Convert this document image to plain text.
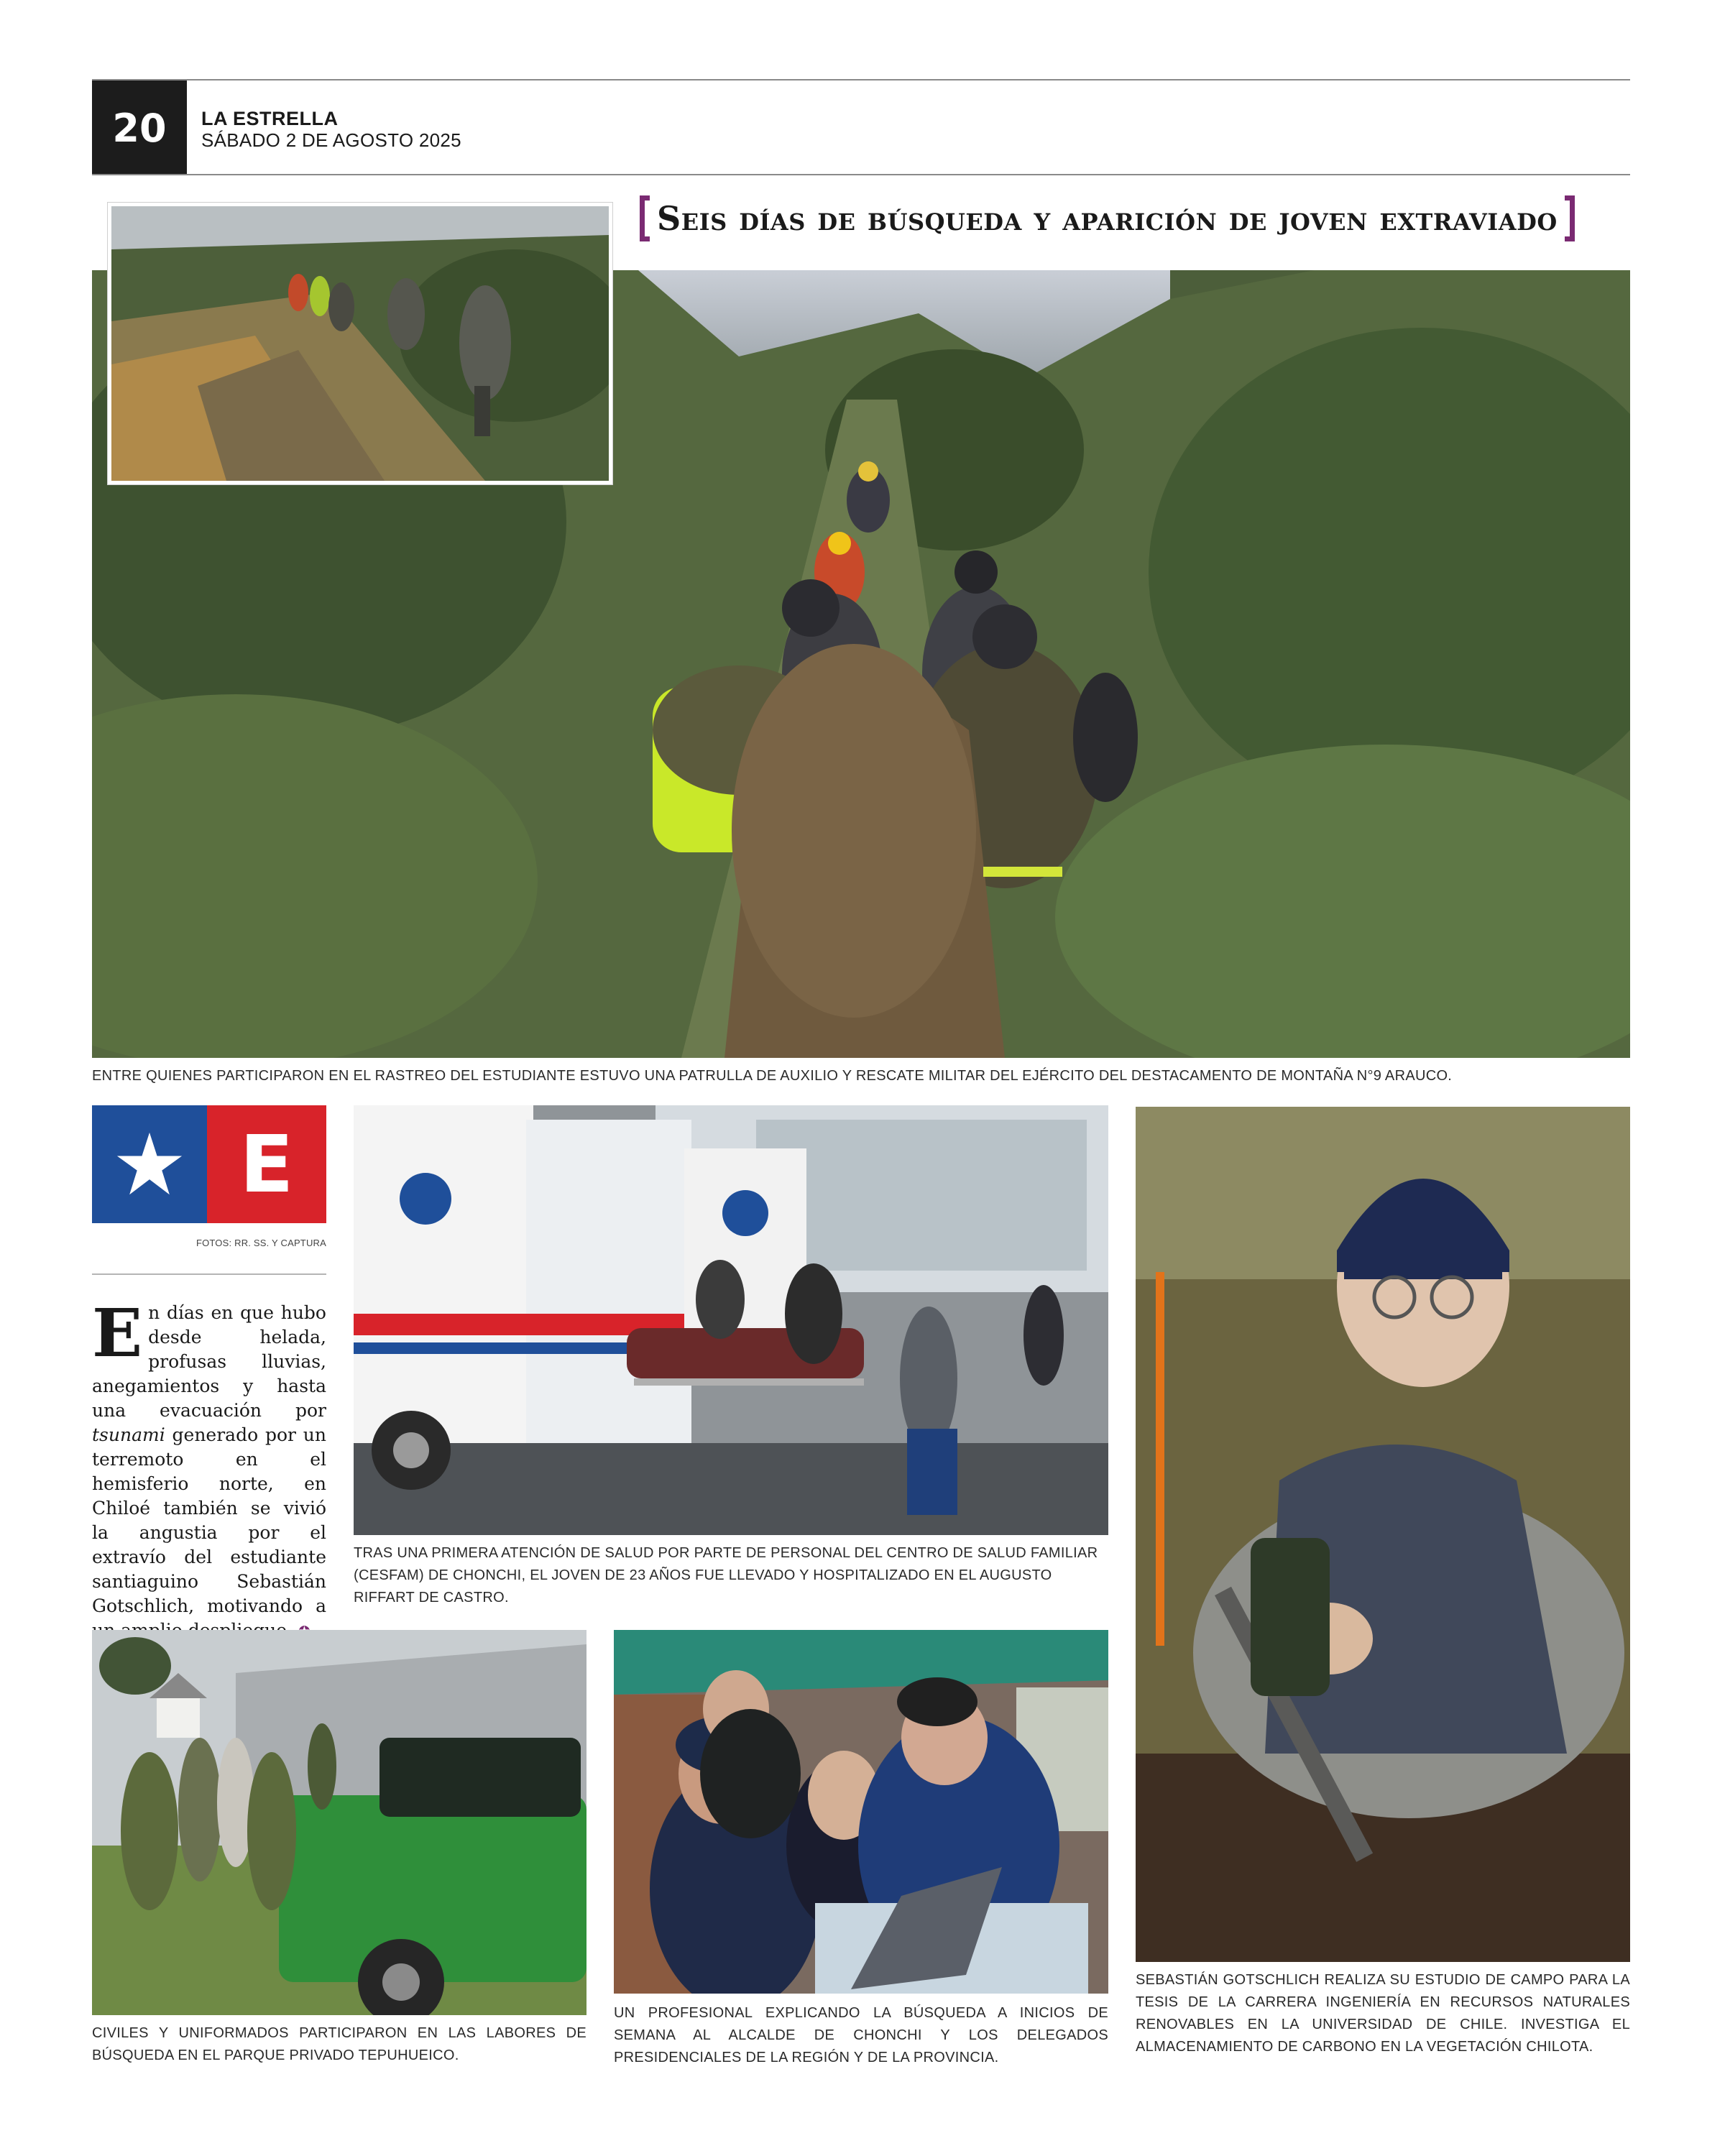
20	LA ESTRELLA
SÁBADO 2 DE AGOSTO 2025
Seis días de búsqueda y aparición de joven extraviado
ENTRE QUIENES PARTICIPARON EN EL RASTREO DEL ESTUDIANTE ESTUVO UNA PATRULLA DE AUXILIO Y RESCATE MILITAR DEL EJÉRCITO DEL DESTACAMENTO DE MONTAÑA N°9 ARAUCO.
E
FOTOS: RR. SS. Y CAPTURA
En días en que hubo desde helada, profusas lluvias, anegamientos y hasta una evacuación por tsunami generado por un terremoto en el hemisferio norte, en Chiloé también se vivió la angustia por el extravío del estudiante santiaguino Sebastián Gotschlich, motivando a
TRAS UNA PRIMERA ATENCIÓN DE SALUD POR PARTE DE PERSONAL DEL CENTRO DE SALUD FAMILIAR (CESFAM) DE CHONCHI, EL JOVEN DE 23 AÑOS FUE LLEVADO Y HOSPITALIZADO EN EL AUGUSTO RIFFART DE CASTRO.
SEBASTIÁN GOTSCHLICH REALIZA SU ESTUDIO DE CAMPO PARA LA TESIS DE LA CARRERA INGENIERÍA EN RECURSOS NATURALES RENOVABLES EN LA UNIVERSIDAD DE CHILE. INVESTIGA EL ALMACENAMIENTO DE CARBONO EN LA VEGETACIÓN CHILOTA.
CIVILES Y UNIFORMADOS PARTICIPARON EN LAS LABORES DE BÚSQUEDA EN EL PARQUE PRIVADO TEPUHUEICO.
UN PROFESIONAL EXPLICANDO LA BÚSQUEDA A INICIOS DE SEMANA AL ALCALDE DE CHONCHI Y LOS DELEGADOS PRESIDENCIALES DE LA REGIÓN Y DE LA PROVINCIA.
